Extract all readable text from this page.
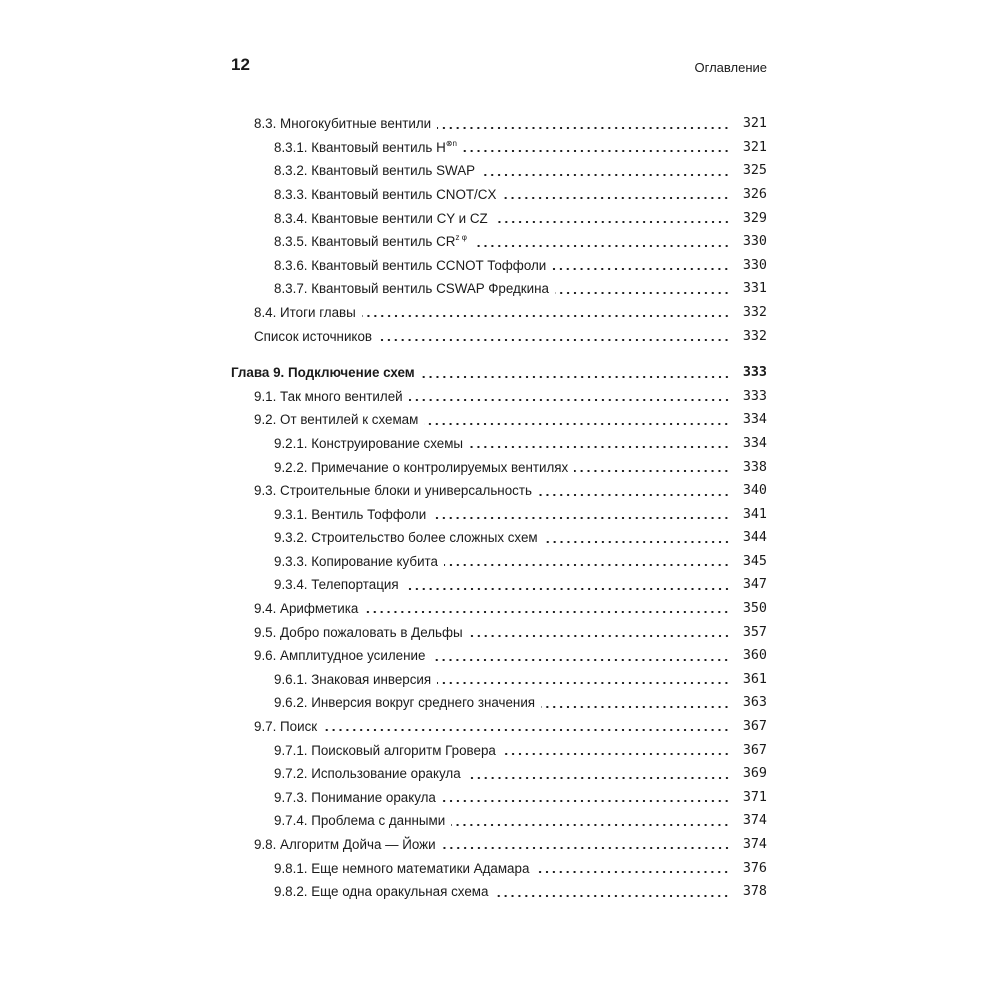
12	Оглавление
8.3. Многокубитные вентили	321
8.3.1. Квантовый вентиль $H^{\otimes n}$	321
8.3.2. Квантовый вентиль SWAP	325
8.3.3. Квантовый вентиль CNOT/CX	326
8.3.4. Квантовые вентили CY и CZ	329
8.3.5. Квантовый вентиль $CR^{z \varphi}$	330
8.3.6. Квантовый вентиль CCNOT Тоффоли	330
8.3.7. Квантовый вентиль CSWAP Фредкина	331
8.4. Итоги главы	332
Список источников	332
Глава 9. Подключение схем	333
9.1. Так много вентилей	333
9.2. От вентилей к схемам	334
9.2.1. Конструирование схемы	334
9.2.2. Примечание о контролируемых вентилях	338
9.3. Строительные блоки и универсальность	340
9.3.1. Вентиль Тоффоли	341
9.3.2. Строительство более сложных схем	344
9.3.3. Копирование кубита	345
9.3.4. Телепортация	347
9.4. Арифметика	350
9.5. Добро пожаловать в Дельфы	357
9.6. Амплитудное усиление	360
9.6.1. Знаковая инверсия	361
9.6.2. Инверсия вокруг среднего значения	363
9.7. Поиск	367
9.7.1. Поисковый алгоритм Гровера	367
9.7.2. Использование оракула	369
9.7.3. Понимание оракула	371
9.7.4. Проблема с данными	374
9.8. Алгоритм Дойча — Йожи	374
9.8.1. Еще немного математики Адамара	376
9.8.2. Еще одна оракульная схема	378
